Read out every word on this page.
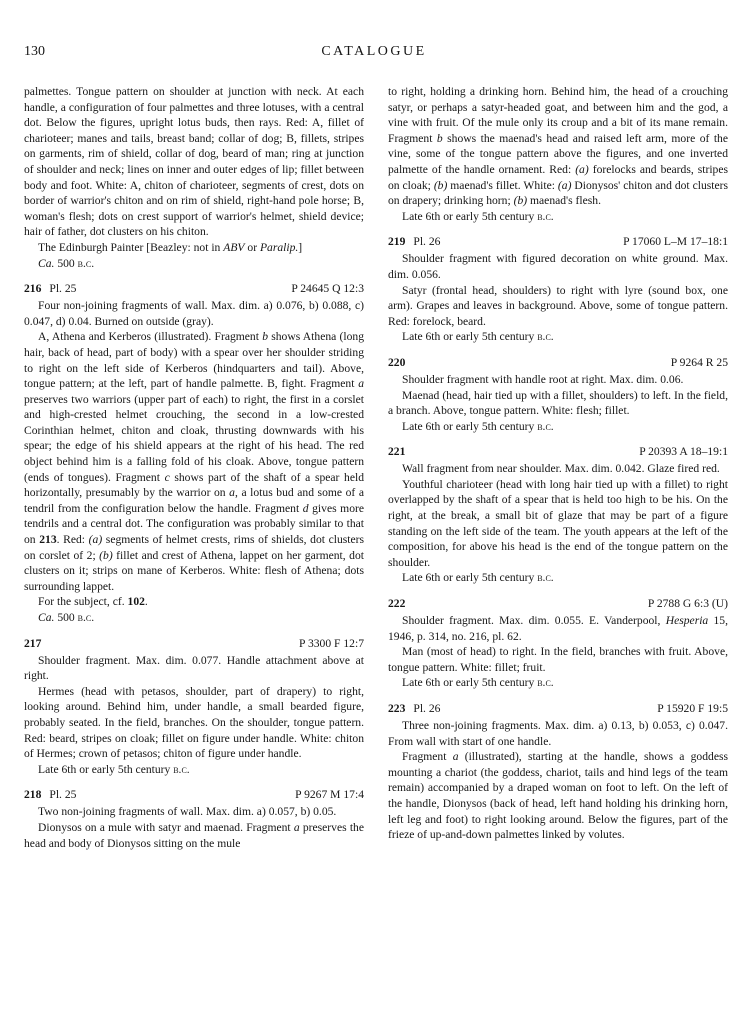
130	CATALOGUE

palmettes. Tongue pattern on shoulder at junction with neck. At each handle, a configuration of four palmettes and three lotuses, with a central dot. Below the figures, upright lotus buds, then rays. Red: A, fillet of charioteer; manes and tails, breast band; collar of dog; B, fillets, stripes on garments, rim of shield, collar of dog, beard of man; ring at junction of shoulder and neck; lines on inner and outer edges of lip; fillet between body and foot. White: A, chiton of charioteer, segments of crest, dots on border of warrior's chiton and on rim of shield, right-hand pole horse; B, woman's flesh; dots on crest support of warrior's helmet, shield device; hair of father, dot clusters on his chiton.

The Edinburgh Painter [Beazley: not in ABV or Paralip.]

Ca. 500 b.c.

216 Pl. 25	P 24645 Q 12:3

Four non-joining fragments of wall. Max. dim. a) 0.076, b) 0.088, c) 0.047, d) 0.04. Burned on outside (gray).

A, Athena and Kerberos (illustrated). Fragment b shows Athena (long hair, back of head, part of body) with a spear over her shoulder striding to right on the left side of Kerberos (hindquarters and tail). Above, tongue pattern; at the left, part of handle palmette. B, fight. Fragment a preserves two warriors (upper part of each) to right, the first in a corslet and high-crested helmet crouching, the second in a low-crested Corinthian helmet, chiton and cloak, thrusting downwards with his spear; the edge of his shield appears at the right of his head. The red object behind him is a falling fold of his cloak. Above, tongue pattern (ends of tongues). Fragment c shows part of the shaft of a spear held horizontally, presumably by the warrior on a, a lotus bud and some of a tendril from the configuration below the handle. Fragment d gives more tendrils and a central dot. The configuration was probably similar to that on 213. Red: (a) segments of helmet crests, rims of shields, dot clusters on corslet of 2; (b) fillet and crest of Athena, lappet on her garment, dot clusters on it; strips on mane of Kerberos. White: flesh of Athena; dots surrounding lappet.

For the subject, cf. 102.

Ca. 500 b.c.

217	P 3300 F 12:7

Shoulder fragment. Max. dim. 0.077. Handle attachment above at right.

Hermes (head with petasos, shoulder, part of drapery) to right, looking around. Behind him, under handle, a small bearded figure, probably seated. In the field, branches. On the shoulder, tongue pattern. Red: beard, stripes on cloak; fillet on figure under handle. White: chiton of Hermes; crown of petasos; chiton of figure under handle.

Late 6th or early 5th century b.c.

218 Pl. 25	P 9267 M 17:4

Two non-joining fragments of wall. Max. dim. a) 0.057, b) 0.05.

Dionysos on a mule with satyr and maenad. Fragment a preserves the head and body of Dionysos sitting on the mule

to right, holding a drinking horn. Behind him, the head of a crouching satyr, or perhaps a satyr-headed goat, and between him and the god, a vine with fruit. Of the mule only its croup and a bit of its mane remain. Fragment b shows the maenad's head and raised left arm, more of the vine, some of the tongue pattern above the figures, and one inverted palmette of the handle ornament. Red: (a) forelocks and beards, stripes on cloak; (b) maenad's fillet. White: (a) Dionysos' chiton and dot clusters on drapery; drinking horn; (b) maenad's flesh.

Late 6th or early 5th century b.c.

219 Pl. 26	P 17060 L–M 17–18:1

Shoulder fragment with figured decoration on white ground. Max. dim. 0.056.

Satyr (frontal head, shoulders) to right with lyre (sound box, one arm). Grapes and leaves in background. Above, some of tongue pattern. Red: forelock, beard.

Late 6th or early 5th century b.c.

220	P 9264 R 25

Shoulder fragment with handle root at right. Max. dim. 0.06.

Maenad (head, hair tied up with a fillet, shoulders) to left. In the field, a branch. Above, tongue pattern. White: flesh; fillet.

Late 6th or early 5th century b.c.

221	P 20393 A 18–19:1

Wall fragment from near shoulder. Max. dim. 0.042. Glaze fired red.

Youthful charioteer (head with long hair tied up with a fillet) to right overlapped by the shaft of a spear that is held too high to be his. On the right, at the break, a small bit of glaze that may be part of a figure standing on the left side of the team. The youth appears at the left of the composition, for above his head is the end of the tongue pattern on the shoulder.

Late 6th or early 5th century b.c.

222	P 2788 G 6:3 (U)

Shoulder fragment. Max. dim. 0.055. E. Vanderpool, Hesperia 15, 1946, p. 314, no. 216, pl. 62.

Man (most of head) to right. In the field, branches with fruit. Above, tongue pattern. White: fillet; fruit.

Late 6th or early 5th century b.c.

223 Pl. 26	P 15920 F 19:5

Three non-joining fragments. Max. dim. a) 0.13, b) 0.053, c) 0.047. From wall with start of one handle.

Fragment a (illustrated), starting at the handle, shows a goddess mounting a chariot (the goddess, chariot, tails and hind legs of the team remain) accompanied by a draped woman on foot to left. On the left of the handle, Dionysos (back of head, left hand holding his drinking horn, left leg and foot) to right looking around. Below the figures, part of the frieze of up-and-down palmettes linked by volutes.
